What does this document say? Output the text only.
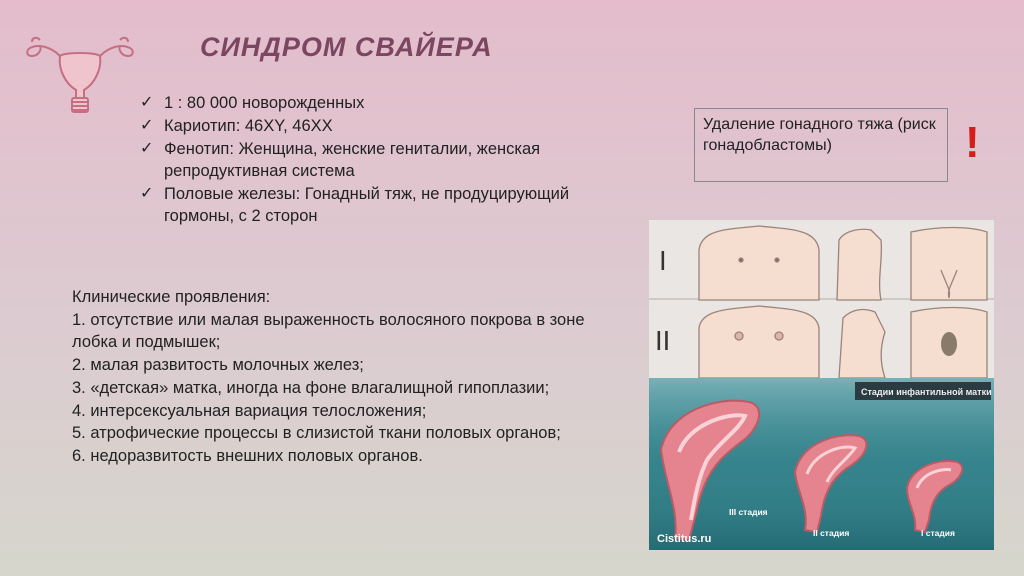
СИНДРОМ СВАЙЕРА
✓ 1 : 80 000 новорожденных
✓ Кариотип: 46XY, 46XX
✓ Фенотип: Женщина, женские гениталии, женская репродуктивная система
✓ Половые железы: Гонадный тяж, не продуцирующий гормоны, с 2 сторон
Клинические проявления:
1. отсутствие или малая выраженность волосяного покрова в зоне лобка и подмышек;
2. малая развитость молочных желез;
3. «детская» матка, иногда на фоне влагалищной гипоплазии;
4. интерсексуальная вариация телосложения;
5. атрофические процессы в слизистой ткани половых органов;
6. недоразвитость внешних половых органов.
Удаление гонадного тяжа (риск гонадобластомы)	!
I
II
Стадии инфантильной матки
III стадия
II стадия	I стадия
Cistitus.ru
